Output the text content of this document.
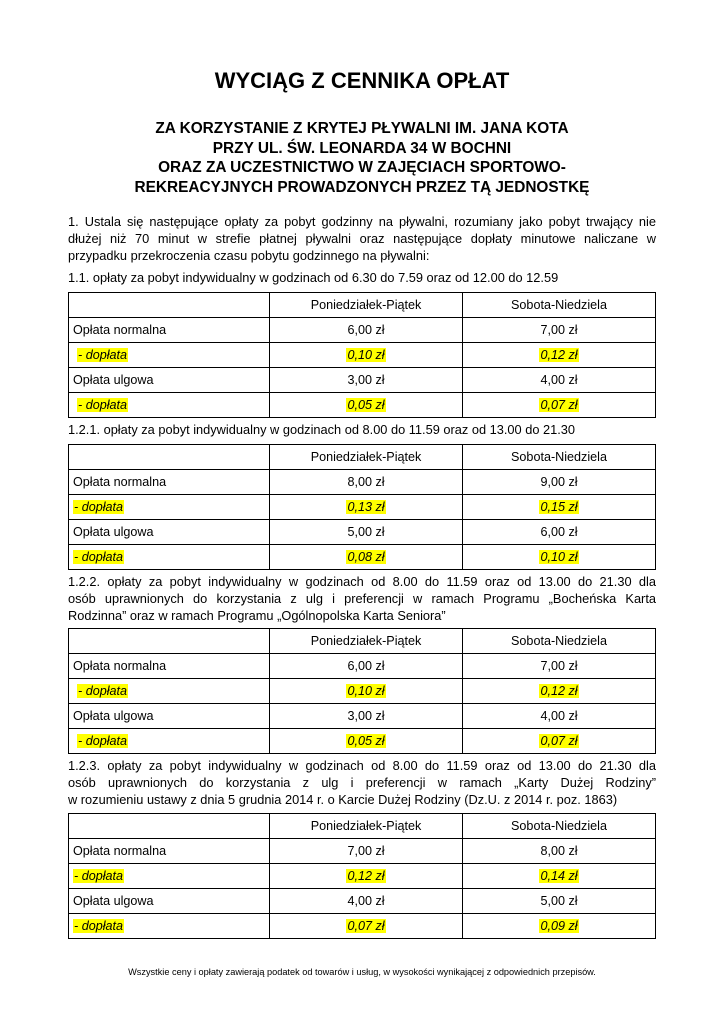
WYCIĄG Z CENNIKA OPŁAT
ZA KORZYSTANIE Z KRYTEJ PŁYWALNI IM. JANA KOTA
PRZY UL. ŚW. LEONARDA 34 W BOCHNI
ORAZ ZA UCZESTNICTWO W ZAJĘCIACH SPORTOWO-
REKREACYJNYCH PROWADZONYCH PRZEZ TĄ JEDNOSTKĘ
1. Ustala się następujące opłaty za pobyt godzinny na pływalni, rozumiany jako pobyt trwający nie
dłużej niż 70 minut w strefie płatnej pływalni oraz następujące dopłaty minutowe naliczane w
przypadku przekroczenia czasu pobytu godzinnego na pływalni:
1.1. opłaty za pobyt indywidualny w godzinach od 6.30 do 7.59 oraz od 12.00 do 12.59
	Poniedziałek-Piątek	Sobota-Niedziela
Opłata normalna	6,00 zł	7,00 zł
- dopłata	0,10 zł	0,12 zł
Opłata ulgowa	3,00 zł	4,00 zł
- dopłata	0,05 zł	0,07 zł
1.2.1. opłaty za pobyt indywidualny w godzinach od 8.00 do 11.59 oraz od 13.00 do 21.30
	Poniedziałek-Piątek	Sobota-Niedziela
Opłata normalna	8,00 zł	9,00 zł
- dopłata	0,13 zł	0,15 zł
Opłata ulgowa	5,00 zł	6,00 zł
- dopłata	0,08 zł	0,10 zł
1.2.2. opłaty za pobyt indywidualny w godzinach od 8.00 do 11.59 oraz od 13.00 do 21.30 dla
osób uprawnionych do korzystania z ulg i preferencji w ramach Programu „Bocheńska Karta
Rodzinna” oraz w ramach Programu „Ogólnopolska Karta Seniora”
	Poniedziałek-Piątek	Sobota-Niedziela
Opłata normalna	6,00 zł	7,00 zł
- dopłata	0,10 zł	0,12 zł
Opłata ulgowa	3,00 zł	4,00 zł
- dopłata	0,05 zł	0,07 zł
1.2.3. opłaty za pobyt indywidualny w godzinach od 8.00 do 11.59 oraz od 13.00 do 21.30 dla
osób uprawnionych do korzystania z ulg i preferencji w ramach „Karty Dużej Rodziny”
w rozumieniu ustawy z dnia 5 grudnia 2014 r. o Karcie Dużej Rodziny (Dz.U. z 2014 r. poz. 1863)
	Poniedziałek-Piątek	Sobota-Niedziela
Opłata normalna	7,00 zł	8,00 zł
- dopłata	0,12 zł	0,14 zł
Opłata ulgowa	4,00 zł	5,00 zł
- dopłata	0,07 zł	0,09 zł
Wszystkie ceny i opłaty zawierają podatek od towarów i usług, w wysokości wynikającej z odpowiednich przepisów.
